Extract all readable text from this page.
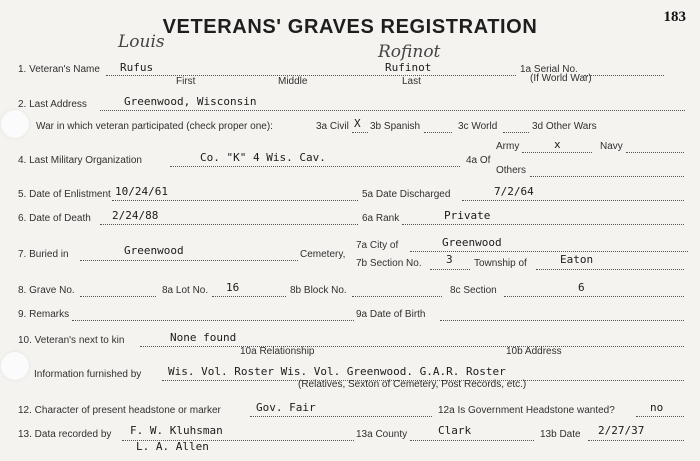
183
VETERANS' GRAVES REGISTRATION
Louis	Rofinot
1. Veteran's Name Rufus	Rufinot	1a Serial No.
First	Middle	Last	(If World War)
2. Last Address	Greenwood, Wisconsin
War in which veteran participated (check proper one):	3a Civil X 3b Spanish	3c World	3d Other Wars
Army	x	Navy
4. Last Military Organization	Co. "K" 4 Wis. Cav.	4a Of
Others
5. Date of Enlistment 10/24/61	5a Date Discharged	7/2/64
6. Date of Death 2/24/88	6a Rank	Private
7. Buried in	Greenwood	Cemetery,
7a City of	Greenwood
7b Section No. 3 Township of	Eaton
8. Grave No.	8a Lot No. 16	8b Block No.	8c Section	6
9. Remarks	9a Date of Birth
10. Veteran's next to kin	None found
10a Relationship	10b Address
Information furnished by Wis. Vol. Roster Wis. Vol. Greenwood. G.A.R. Roster
(Relatives, Sexton of Cemetery, Post Records, etc.)
12. Character of present headstone or marker	Gov. Fair	12a Is Government Headstone wanted?	no
13. Data recorded by F. W. Kluhsman
L. A. Allen
13a County	Clark	13b Date 2/27/37
